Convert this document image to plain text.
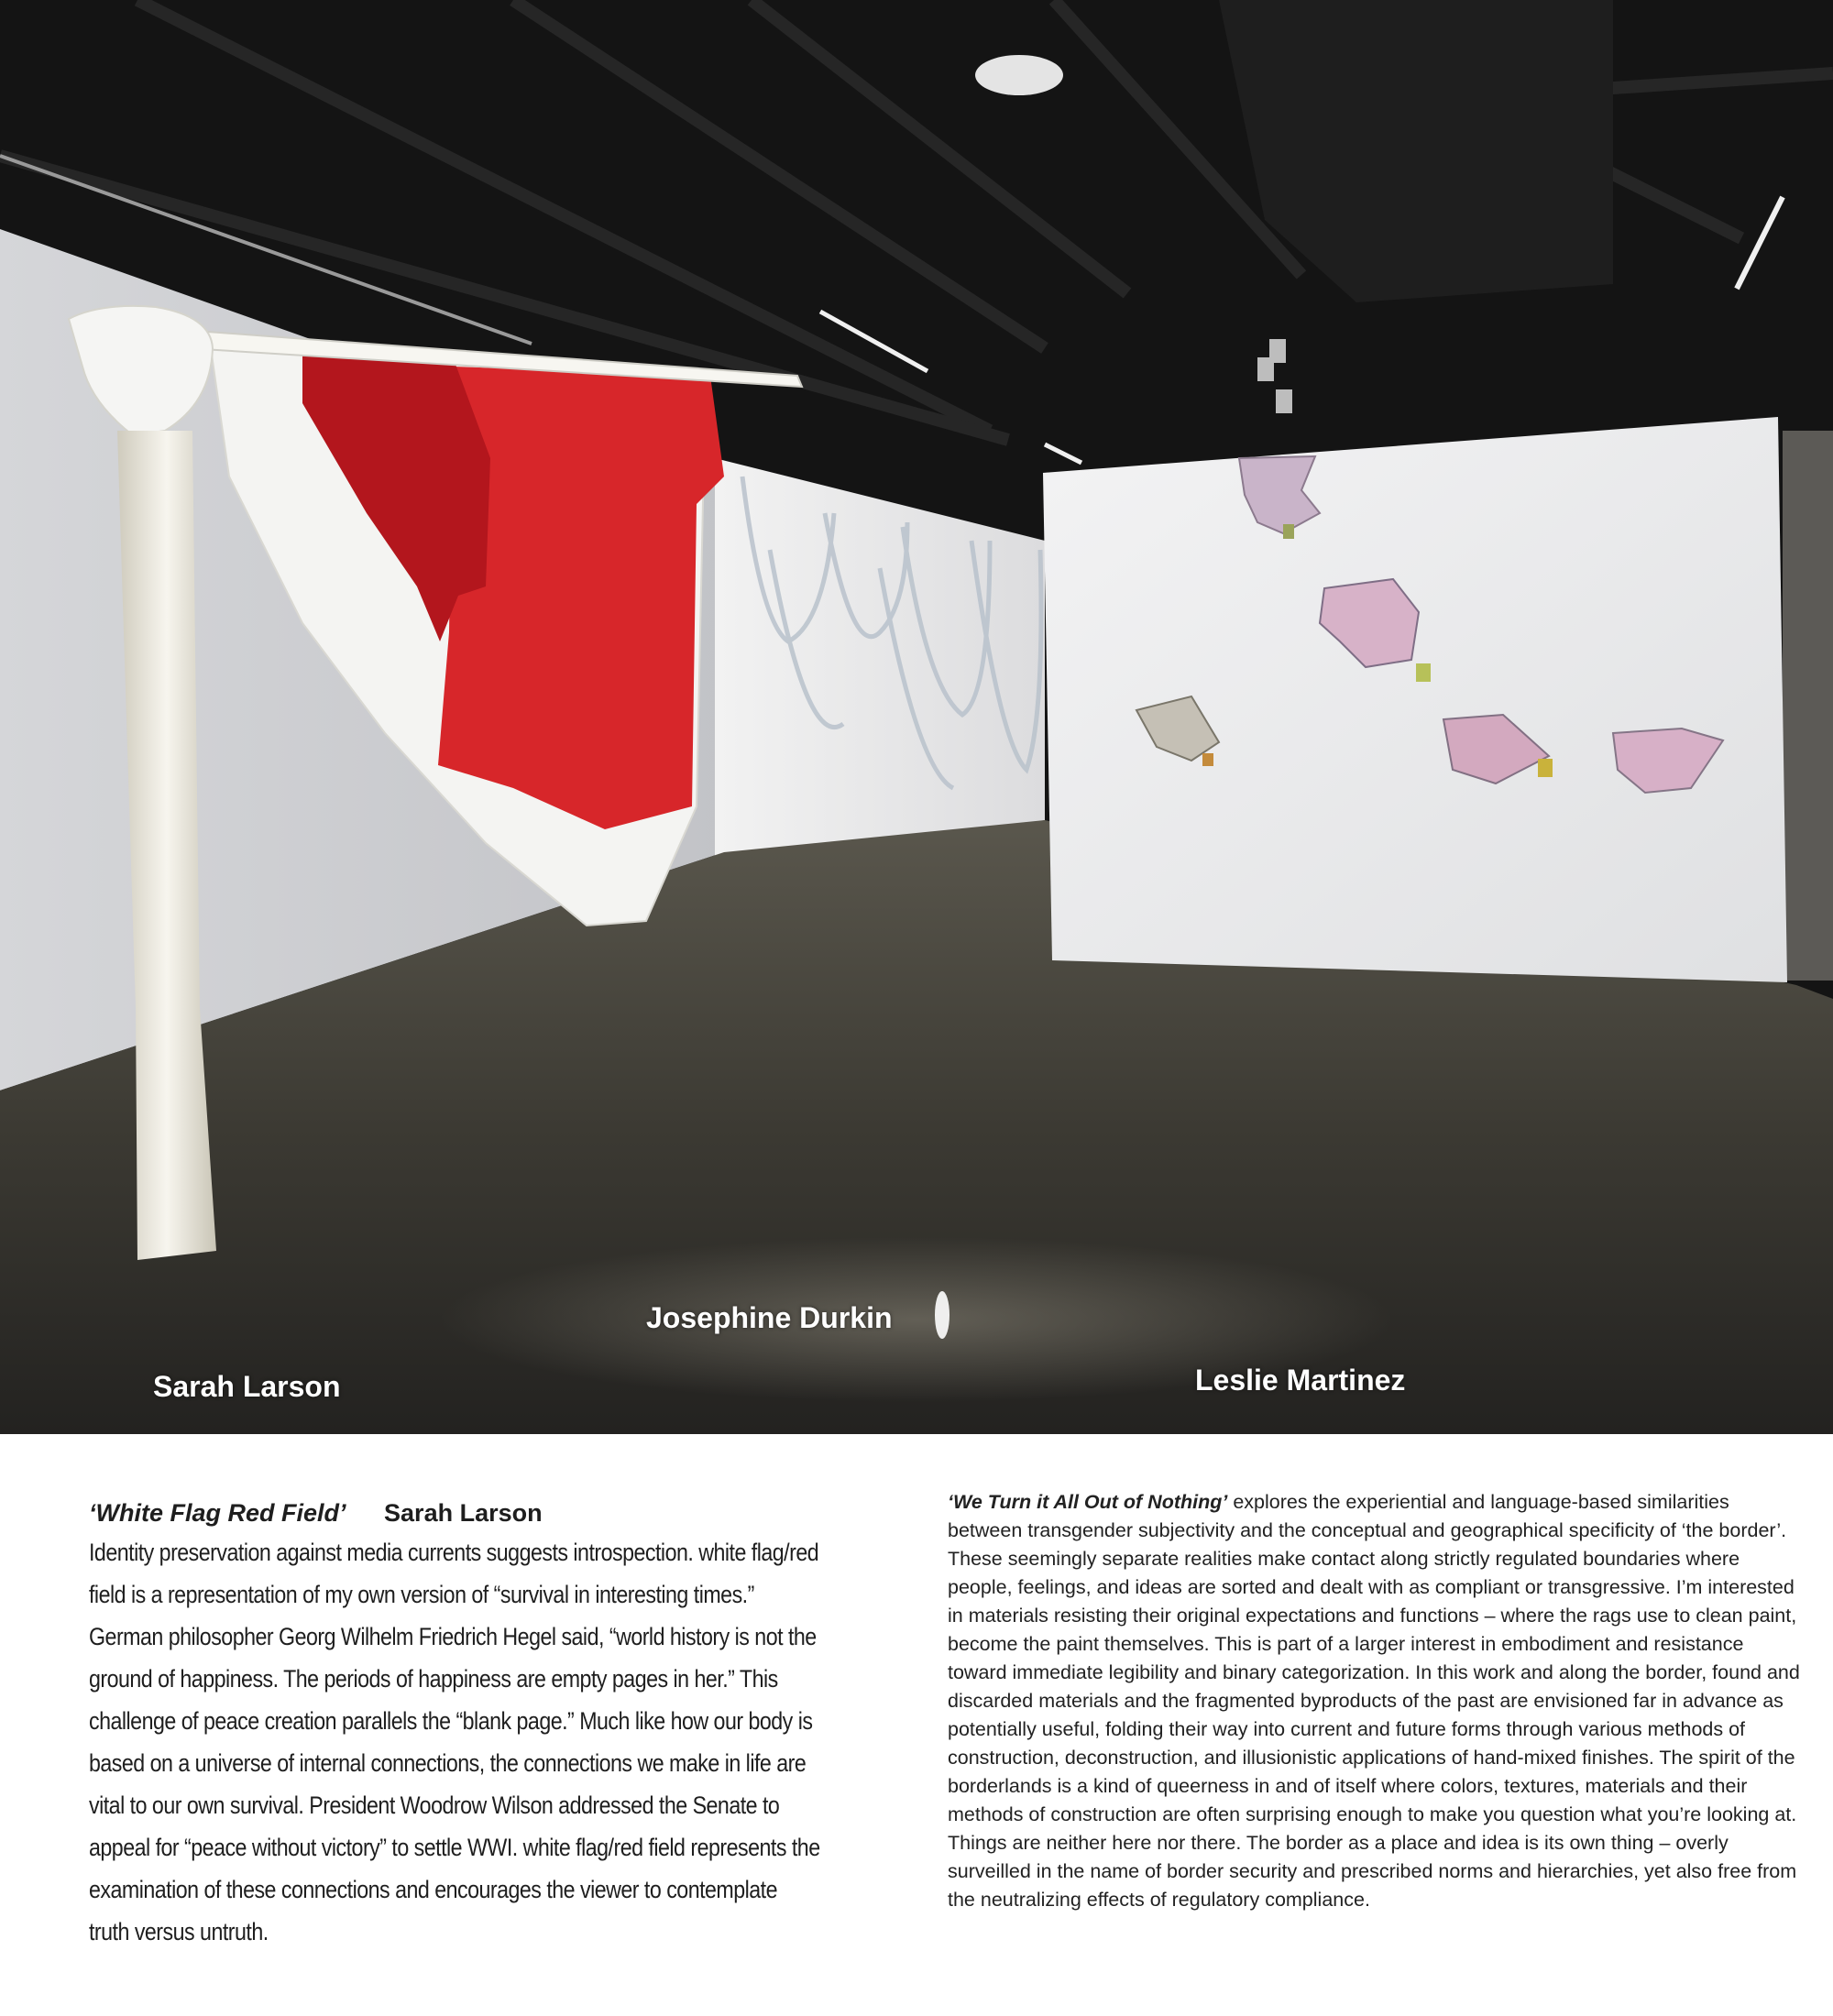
Josephine Durkin
Sarah Larson	Leslie Martinez
‘White Flag Red Field’ Sarah Larson
Identity preservation against media currents suggests introspection. white flag/red field is a representation of my own version of “survival in interesting times.” German philosopher Georg Wilhelm Friedrich Hegel said, “world history is not the ground of happiness. The periods of happiness are empty pages in her.” This challenge of peace creation parallels the “blank page.” Much like how our body is based on a universe of internal connections, the connections we make in life are vital to our own survival. President Woodrow Wilson addressed the Senate to appeal for “peace without victory” to settle WWI. white flag/red field represents the examination of these connections and encourages the viewer to contemplate truth versus untruth.
‘We Turn it All Out of Nothing’ explores the experiential and language-based similarities between transgender subjectivity and the conceptual and geographical specificity of ‘the border’. These seemingly separate realities make contact along strictly regulated boundaries where people, feelings, and ideas are sorted and dealt with as compliant or transgressive. I’m interested in materials resisting their original expectations and functions – where the rags use to clean paint, become the paint themselves. This is part of a larger interest in embodiment and resistance toward immediate legibility and binary categorization. In this work and along the border, found and discarded materials and the fragmented byproducts of the past are envisioned far in advance as potentially useful, folding their way into current and future forms through various methods of construction, deconstruction, and illusionistic applications of hand-mixed finishes. The spirit of the borderlands is a kind of queerness in and of itself where colors, textures, materials and their methods of construction are often surprising enough to make you question what you’re looking at. Things are neither here nor there. The border as a place and idea is its own thing – overly surveilled in the name of border security and prescribed norms and hierarchies, yet also free from the neutralizing effects of regulatory compliance.
